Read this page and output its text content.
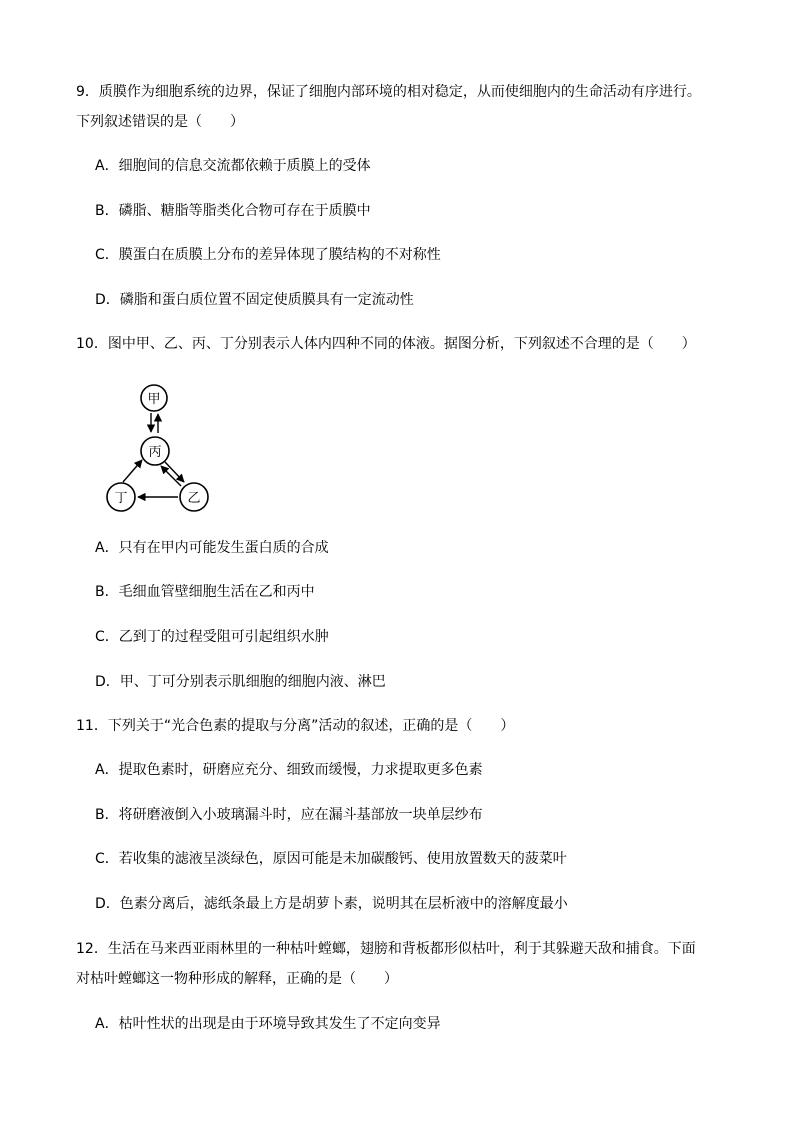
9．质膜作为细胞系统的边界，保证了细胞内部环境的相对稳定，从而使细胞内的生命活动有序进行。
下列叙述错误的是（　　）
A．细胞间的信息交流都依赖于质膜上的受体
B．磷脂、糖脂等脂类化合物可存在于质膜中
C．膜蛋白在质膜上分布的差异体现了膜结构的不对称性
D．磷脂和蛋白质位置不固定使质膜具有一定流动性
10．图中甲、乙、丙、丁分别表示人体内四种不同的体液。据图分析，下列叙述不合理的是（　　）
甲
丙
丁	乙
A．只有在甲内可能发生蛋白质的合成
B．毛细血管壁细胞生活在乙和丙中
C．乙到丁的过程受阻可引起组织水肿
D．甲、丁可分别表示肌细胞的细胞内液、淋巴
11．下列关于“光合色素的提取与分离”活动的叙述，正确的是（　　）
A．提取色素时，研磨应充分、细致而缓慢，力求提取更多色素
B．将研磨液倒入小玻璃漏斗时，应在漏斗基部放一块单层纱布
C．若收集的滤液呈淡绿色，原因可能是未加碳酸钙、使用放置数天的菠菜叶
D．色素分离后，滤纸条最上方是胡萝卜素，说明其在层析液中的溶解度最小
12．生活在马来西亚雨林里的一种枯叶螳螂，翅膀和背板都形似枯叶，利于其躲避天敌和捕食。下面
对枯叶螳螂这一物种形成的解释，正确的是（　　）
A．枯叶性状的出现是由于环境导致其发生了不定向变异
